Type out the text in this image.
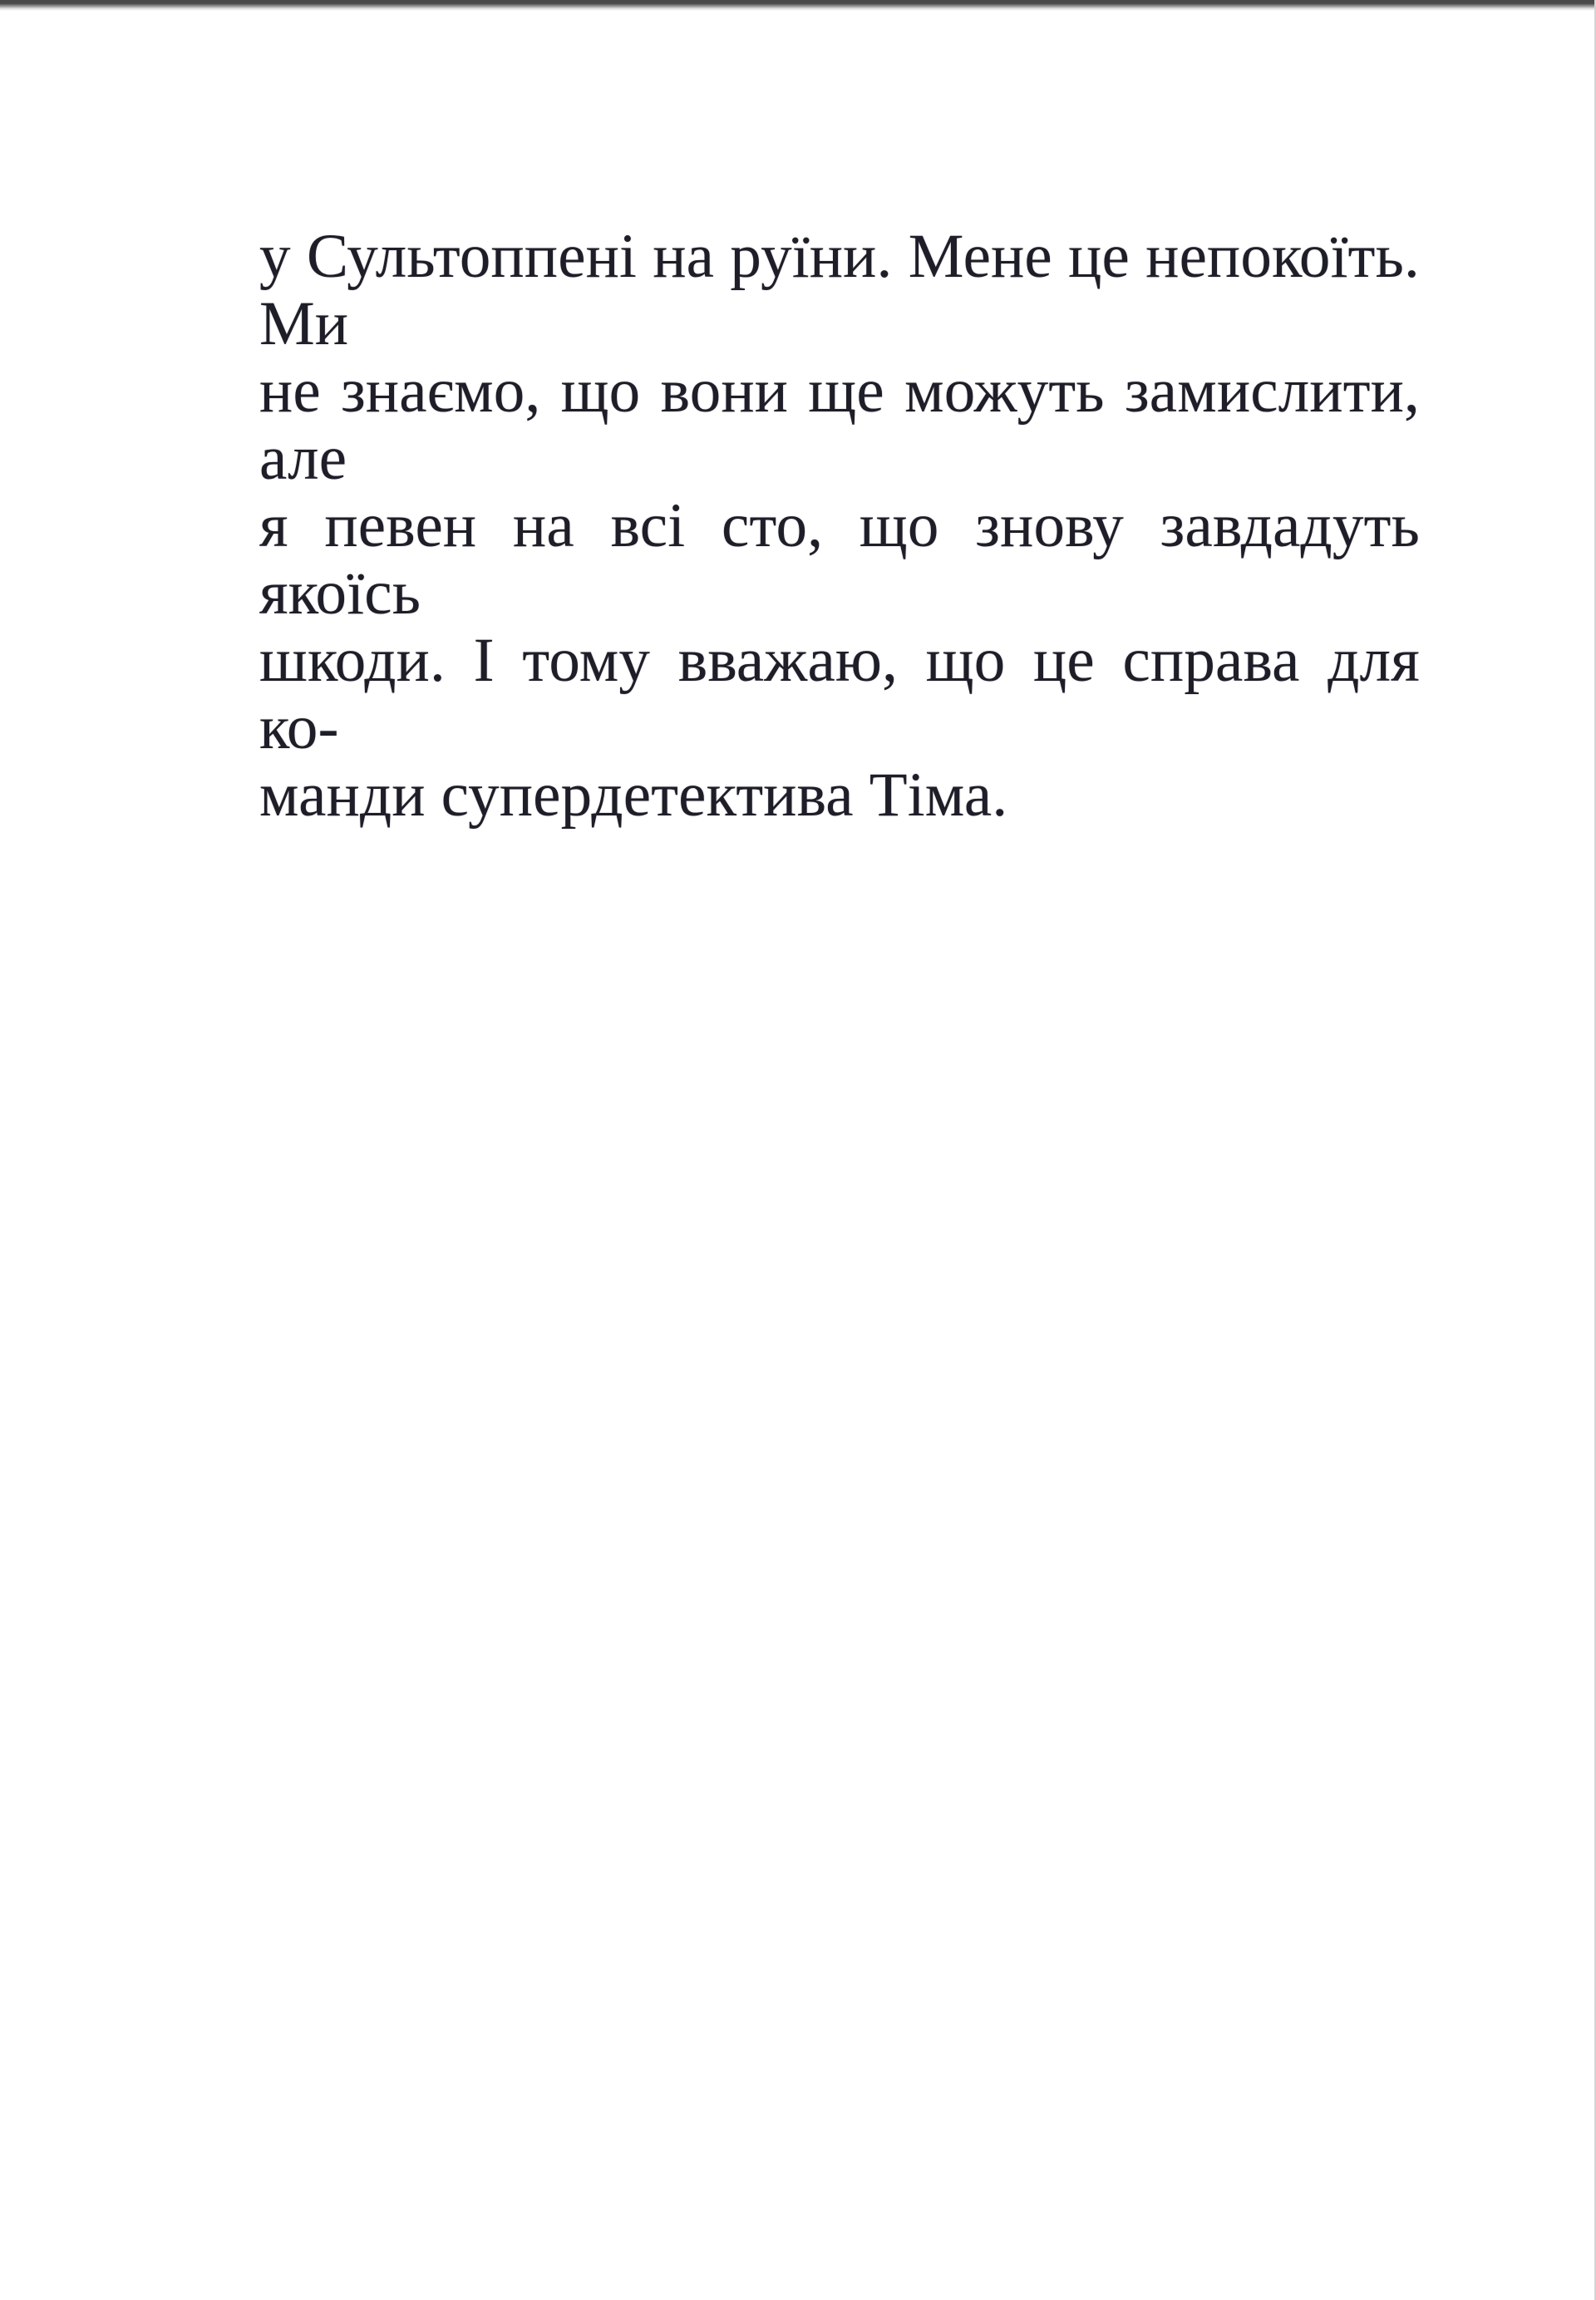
у Сультоппені на руїни. Мене це непокоїть. Ми
не знаємо, що вони ще можуть замислити, але
я певен на всі сто, що знову завдадуть якоїсь
шкоди. І тому вважаю, що це справа для ко-
манди супердетектива Тіма.
